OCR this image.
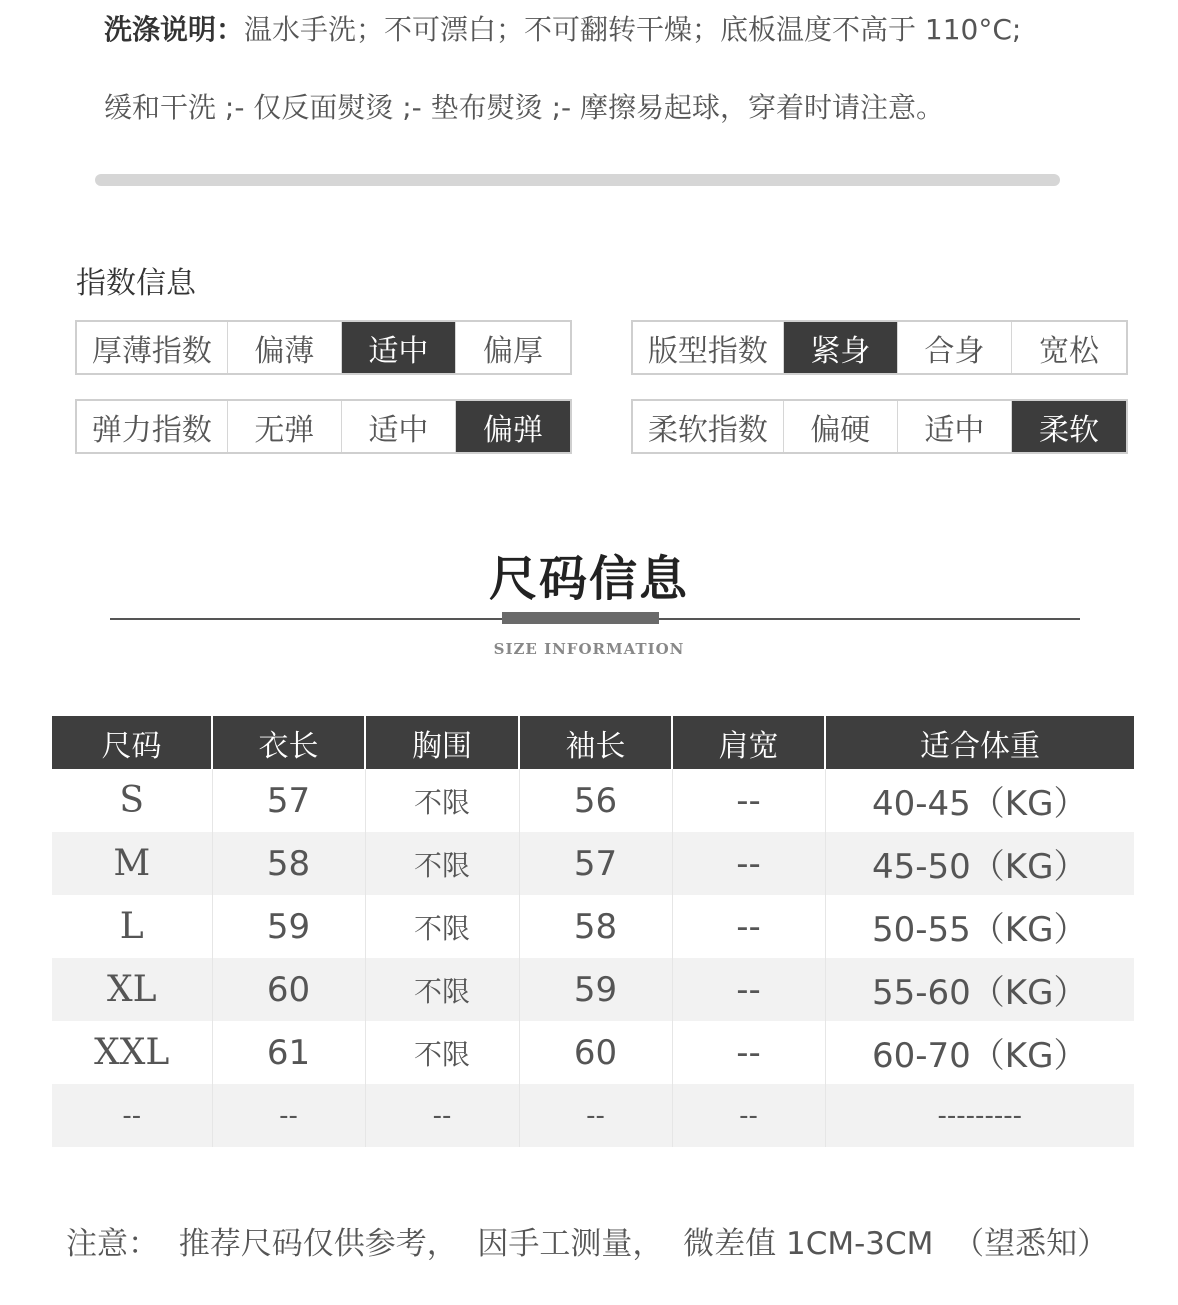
洗涤说明：温水手洗；不可漂白；不可翻转干燥；底板温度不高于 110°C;
缓和干洗 ;- 仅反面熨烫 ;- 垫布熨烫 ;- 摩擦易起球，穿着时请注意。
指数信息
厚薄指数	偏薄	适中	偏厚	版型指数	紧身	合身	宽松
弹力指数	无弹	适中	偏弹	柔软指数	偏硬	适中	柔软
尺码信息
SIZE INFORMATION
尺码	衣长	胸围	袖长	肩宽	适合体重
S	57	不限	56	--	40-45（KG）
M	58	不限	57	--	45-50（KG）
L	59	不限	58	--	50-55（KG）
XL	60	不限	59	--	55-60（KG）
XXL	61	不限	60	--	60-70（KG）
--	--	--	--	--	---------
注意：  推荐尺码仅供参考，  因手工测量，  微差值 1CM-3CM  （望悉知）
